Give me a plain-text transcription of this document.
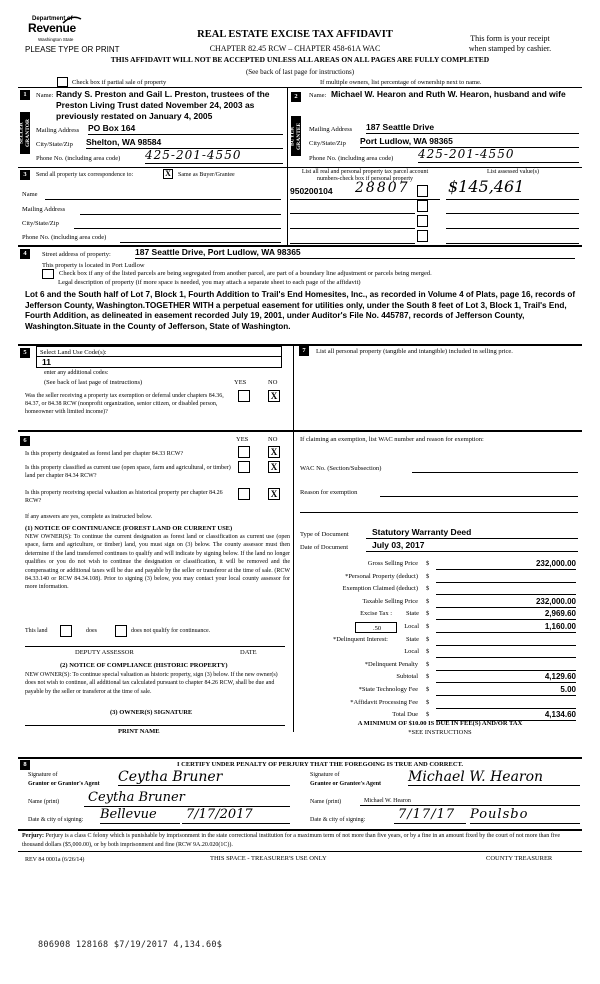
Department of
Revenue
Washington State
PLEASE TYPE OR PRINT
REAL ESTATE EXCISE TAX AFFIDAVIT
CHAPTER 82.45 RCW – CHAPTER 458-61A WAC
This form is your receipt
when stamped by cashier.
THIS AFFIDAVIT WILL NOT BE ACCEPTED UNLESS ALL AREAS ON ALL PAGES ARE FULLY COMPLETED
(See back of last page for instructions)
Check box if partial sale of property	If multiple owners, list percentage of ownership next to name.
1
SELLER GRANTOR
Name: Randy S. Preston and Gail L. Preston, trustees of the Preston Living Trust dated November 24, 2003 as previously restated on January 4, 2005
Mailing Address PO Box 164
City/State/Zip Shelton, WA 98584
Phone No. (including area code) 425-201-4550
2
BUYER GRANTEE
Name: Michael W. Hearon and Ruth W. Hearon, husband and wife
Mailing Address 187 Seattle Drive
City/State/Zip Port Ludlow, WA 98365
Phone No. (including area code) 425-201-4550
3	Send all property tax correspondence to:	X	Same as Buyer/Grantee
Name
Mailing Address
City/State/Zip
Phone No. (including area code)
List all real and personal property tax parcel account numbers-check box if personal property
List assessed value(s)
950200104 28807 $145,461
4	Street address of property:	187 Seattle Drive, Port Ludlow, WA 98365
This property is located in Port Ludlow
Check box if any of the listed parcels are being segregated from another parcel, are part of a boundary line adjustment or parcels being merged.
Legal description of property (if more space is needed, you may attach a separate sheet to each page of the affidavit)
Lot 6 and the South half of Lot 7, Block 1, Fourth Addition to Trail's End Homesites, Inc., as recorded in Volume 4 of Plats, page 16, records of Jefferson County, Washington.TOGETHER WITH a perpetual easement for utilities only, under the South 8 feet of Lot 3, Block 1, Trail's End, Fourth Addition, as delineated in easement recorded July 19, 2001, under Auditor's File No. 445787, records of Jefferson County, Washington.Situate in the County of Jefferson, State of Washington.
5	Select Land Use Code(s):
11
enter any additional codes:
(See back of last page of instructions)	YES	NO
Was the seller receiving a property tax exemption or deferral under chapters 84.36, 84.37, or 84.38 RCW (nonprofit organization, senior citizen, or disabled person, homeowner with limited income)?
X
7	List all personal property (tangible and intangible) included in selling price.
6	YES	NO
Is this property designated as forest land per chapter 84.33 RCW?	X
Is this property classified as current use (open space, farm and agricultural, or timber) land per chapter 84.34 RCW?
X
Is this property receiving special valuation as historical property per chapter 84.26 RCW?
X
If any answers are yes, complete as instructed below.
(1) NOTICE OF CONTINUANCE (FOREST LAND OR CURRENT USE)
NEW OWNER(S): To continue the current designation as forest land or classification as current use (open space, farm and agriculture, or timber) land, you must sign on (3) below. The county assessor must then determine if the land transferred continues to qualify and will indicate by signing below. If the land no longer qualifies or you do not wish to continue the designation or classification, it will be removed and the compensating or additional taxes will be due and payable by the seller or transferor at the time of sale. (RCW 84.33.140 or RCW 84.34.108). Prior to signing (3) below, you may contact your local county assessor for more information.
This land	does	does not qualify for continuance.
DEPUTY ASSESSOR	DATE
(2) NOTICE OF COMPLIANCE (HISTORIC PROPERTY)
NEW OWNER(S): To continue special valuation as historic property, sign (3) below. If the new owner(s) does not wish to continue, all additional tax calculated pursuant to chapter 84.26 RCW, shall be due and payable by the seller or transferor at the time of sale.
(3) OWNER(S) SIGNATURE
PRINT NAME
If claiming an exemption, list WAC number and reason for exemption:
WAC No. (Section/Subsection)
Reason for exemption
Type of Document	Statutory Warranty Deed
Date of Document	July 03, 2017
Gross Selling Price $	232,000.00
*Personal Property (deduct) $
Exemption Claimed (deduct) $
Taxable Selling Price $	232,000.00
Excise Tax :	State $	2,969.60
Local $	1,160.00
*Delinquent Interest:	State $
Local $
*Delinquent Penalty $
Subtotal $	4,129.60
*State Technology Fee $	5.00
*Affidavit Processing Fee $
Total Due $	4,134.60
.50
A MINIMUM OF $10.00 IS DUE IN FEE(S) AND/OR TAX
*SEE INSTRUCTIONS
8	I CERTIFY UNDER PENALTY OF PERJURY THAT THE FOREGOING IS TRUE AND CORRECT.
Signature of
Grantor or Grantor's Agent Ceytha Bruner
Name (print)	Ceytha Bruner
Date & city of signing: Bellevue	7/17/2017
Signature of
Grantee or Grantee's Agent Michael W. Hearon
Name (print)	Michael W. Hearon
Date & city of signing:	7/17/17	Poulsbo
Perjury: Perjury is a class C felony which is punishable by imprisonment in the state correctional institution for a maximum term of not more than five years, or by a fine in an amount fixed by the court of not more than five thousand dollars ($5,000.00), or by both imprisonment and fine (RCW 9A.20.020(1C)).
REV 84 0001a (6/26/14)	THIS SPACE - TREASURER'S USE ONLY	COUNTY TREASURER
806908 128168 $7/19/2017 4,134.60$
